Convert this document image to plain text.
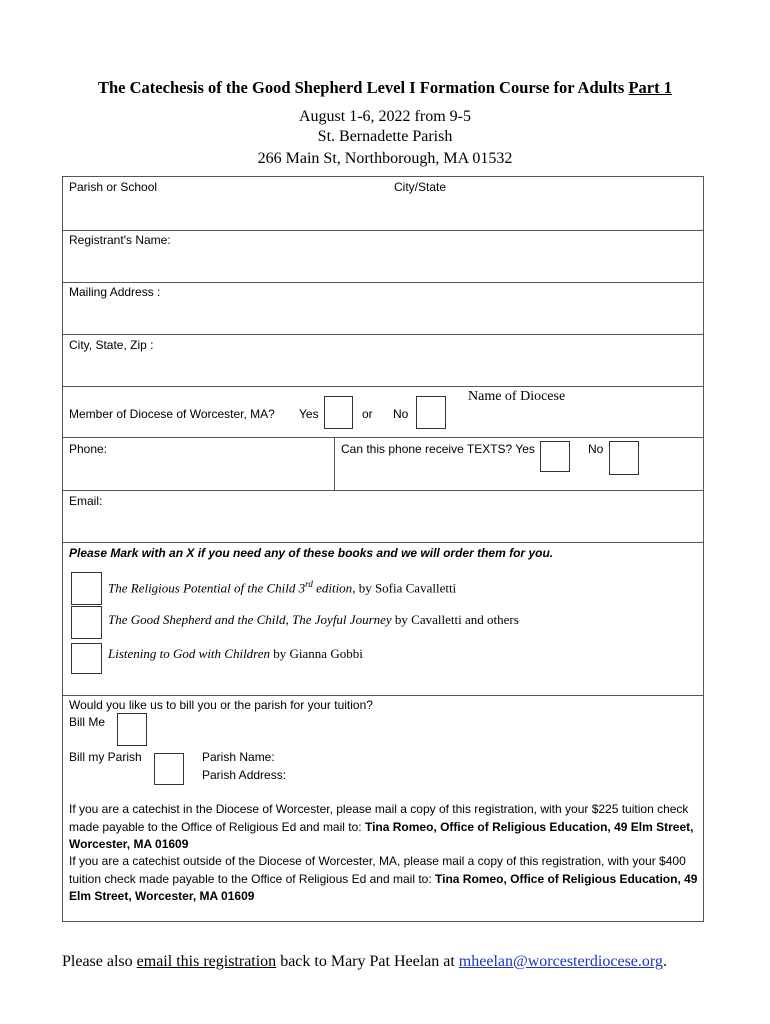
The Catechesis of the Good Shepherd Level I Formation Course for Adults Part 1
August 1-6, 2022 from 9-5
St. Bernadette Parish
266 Main St, Northborough, MA 01532
Parish or School	City/State
Registrant's Name:
Mailing Address :
City, State, Zip :
Member of Diocese of Worcester, MA? Yes	or No
Name of Diocese
Phone:	Can this phone receive TEXTS? Yes	No
Email:
Please Mark with an X if you need any of these books and we will order them for you.
The Religious Potential of the Child 3rd edition, by Sofia Cavalletti
The Good Shepherd and the Child, The Joyful Journey by Cavalletti and others
Listening to God with Children by Gianna Gobbi
Would you like us to bill you or the parish for your tuition?
Bill Me
Bill my Parish	Parish Name:
Parish Address:
If you are a catechist in the Diocese of Worcester, please mail a copy of this registration, with your $225 tuition check made payable to the Office of Religious Ed and mail to: Tina Romeo, Office of Religious Education, 49 Elm Street, Worcester, MA 01609
If you are a catechist outside of the Diocese of Worcester, MA, please mail a copy of this registration, with your $400 tuition check made payable to the Office of Religious Ed and mail to: Tina Romeo, Office of Religious Education, 49 Elm Street, Worcester, MA 01609
Please also email this registration back to Mary Pat Heelan at mheelan@worcesterdiocese.org.
